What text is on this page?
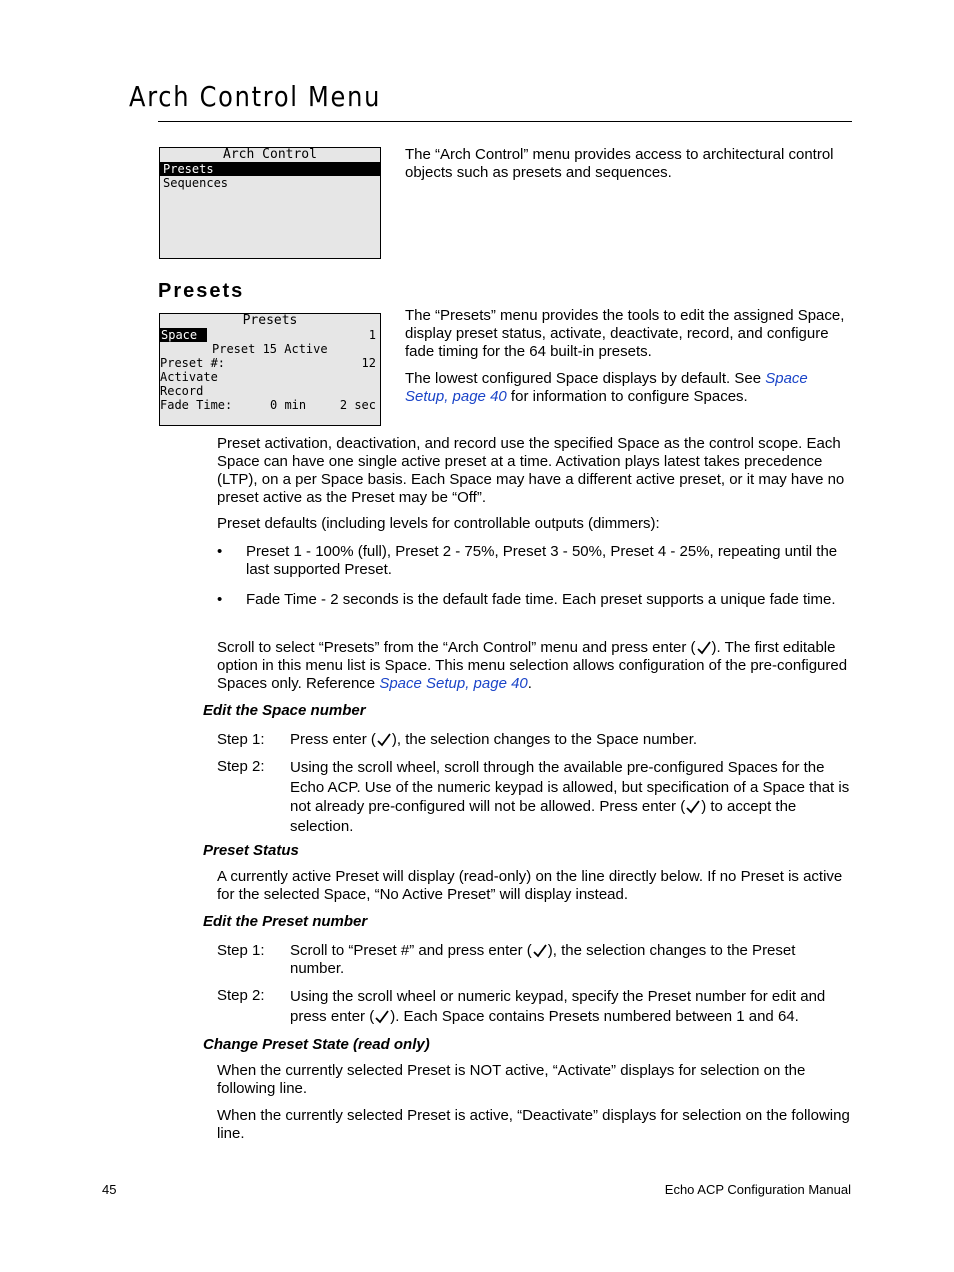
Arch Control Menu
Arch Control
Presets
Sequences

The “Arch Control” menu provides access to architectural control objects such as presets and sequences.

Presets
Presets
Space	1
Preset 15 Active
Preset #:	12
Activate
Record
Fade Time:	0 min	2 sec

The “Presets” menu provides the tools to edit the assigned Space, display preset status, activate, deactivate, record, and configure fade timing for the 64 built-in presets.

The lowest configured Space displays by default. See Space Setup, page 40 for information to configure Spaces.

Preset activation, deactivation, and record use the specified Space as the control scope. Each Space can have one single active preset at a time. Activation plays latest takes precedence (LTP), on a per Space basis. Each Space may have a different active preset, or it may have no preset active as the Preset may be “Off”.

Preset defaults (including levels for controllable outputs (dimmers):

• Preset 1 - 100% (full), Preset 2 - 75%, Preset 3 - 50%, Preset 4 - 25%, repeating until the last supported Preset.

• Fade Time - 2 seconds is the default fade time. Each preset supports a unique fade time.

Scroll to select “Presets” from the “Arch Control” menu and press enter ( ). The first editable option in this menu list is Space. This menu selection allows configuration of the pre-configured Spaces only. Reference Space Setup, page 40.

Edit the Space number
Step 1: Press enter ( ), the selection changes to the Space number.

Step 2: Using the scroll wheel, scroll through the available pre-configured Spaces for the Echo ACP. Use of the numeric keypad is allowed, but specification of a Space that is not already pre-configured will not be allowed. Press enter ( ) to accept the selection.

Preset Status

A currently active Preset will display (read-only) on the line directly below. If no Preset is active for the selected Space, “No Active Preset” will display instead.

Edit the Preset number
Step 1: Scroll to “Preset #” and press enter ( ), the selection changes to the Preset number.

Step 2: Using the scroll wheel or numeric keypad, specify the Preset number for edit and press enter ( ). Each Space contains Presets numbered between 1 and 64.

Change Preset State (read only)

When the currently selected Preset is NOT active, “Activate” displays for selection on the following line.

When the currently selected Preset is active, “Deactivate” displays for selection on the following line.

45	Echo ACP Configuration Manual
